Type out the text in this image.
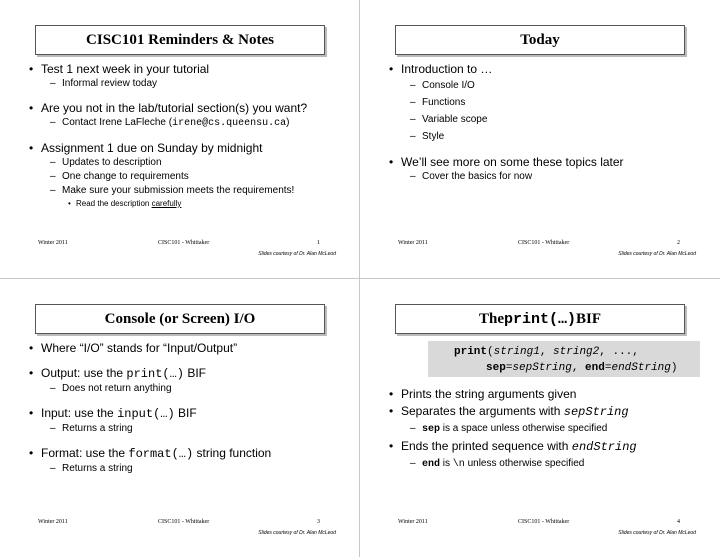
CISC101 Reminders & Notes
• Test 1 next week in your tutorial
– Informal review today
• Are you not in the lab/tutorial section(s) you want?
– Contact Irene LaFleche (irene@cs.queensu.ca)
• Assignment 1 due on Sunday by midnight
– Updates to description
– One change to requirements
– Make sure your submission meets the requirements!
• Read the description carefully
Winter 2011	CISC101 - Whittaker	1
Slides courtesy of Dr. Alan McLeod
Today
• Introduction to …
– Console I/O
– Functions
– Variable scope
– Style
• We’ll see more on some these topics later
– Cover the basics for now
Winter 2011	CISC101 - Whittaker	2
Slides courtesy of Dr. Alan McLeod
Console (or Screen) I/O
• Where “I/O” stands for “Input/Output”
• Output: use the print(…) BIF
– Does not return anything
• Input: use the input(…) BIF
– Returns a string
• Format: use the format(…) string function
– Returns a string
Winter 2011	CISC101 - Whittaker	3
Slides courtesy of Dr. Alan McLeod
The print(…) BIF
print(string1, string2, ...,
sep=sepString, end=endString)
• Prints the string arguments given
• Separates the arguments with sepString
– sep is a space unless otherwise specified
• Ends the printed sequence with endString
– end is \n unless otherwise specified
Winter 2011	CISC101 - Whittaker	4
Slides courtesy of Dr. Alan McLeod
